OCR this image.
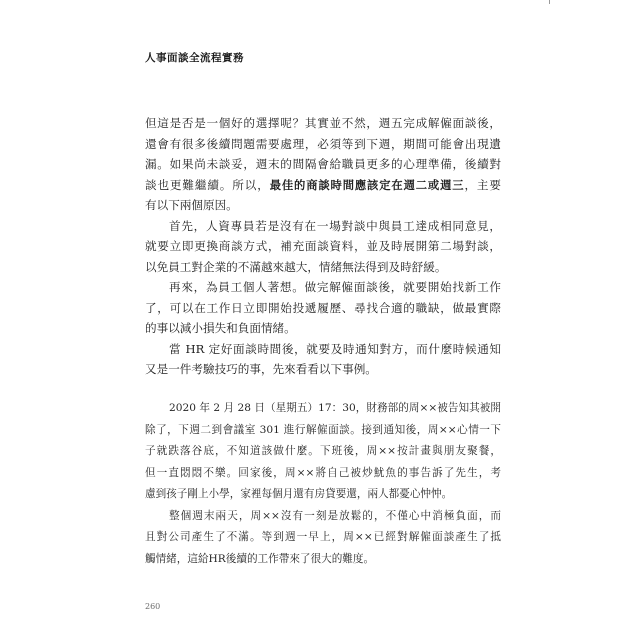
人事面談全流程實務
但這是否是一個好的選擇呢？其實並不然，週五完成解僱面談後，
還會有很多後續問題需要處理，必須等到下週，期間可能會出現遺
漏。如果尚未談妥，週末的間隔會給職員更多的心理準備，後續對
談也更難繼續。所以，最佳的商談時間應該定在週二或週三，主要
有以下兩個原因。
首先，人資專員若是沒有在一場對談中與員工達成相同意見，
就要立即更換商談方式，補充面談資料，並及時展開第二場對談，
以免員工對企業的不滿越來越大，情緒無法得到及時舒緩。
再來，為員工個人著想。做完解僱面談後，就要開始找新工作
了，可以在工作日立即開始投遞履歷、尋找合適的職缺，做最實際
的事以減小損失和負面情緒。
當 HR 定好面談時間後，就要及時通知對方，而什麼時候通知
又是一件考驗技巧的事，先來看看以下事例。
2020 年 2 月 28 日（星期五）17：30，財務部的周××被告知其被開
除了，下週二到會議室 301 進行解僱面談。接到通知後，周××心情一下
子就跌落谷底，不知道該做什麼。下班後，周××按計畫與朋友聚餐，
但一直悶悶不樂。回家後，周××將自己被炒魷魚的事告訴了先生，考
慮到孩子剛上小學，家裡每個月還有房貸要還，兩人都憂心忡忡。
整個週末兩天，周××沒有一刻是放鬆的，不僅心中消極負面，而
且對公司產生了不滿。等到週一早上，周××已經對解僱面談產生了抵
觸情緒，這給HR後續的工作帶來了很大的難度。
260
